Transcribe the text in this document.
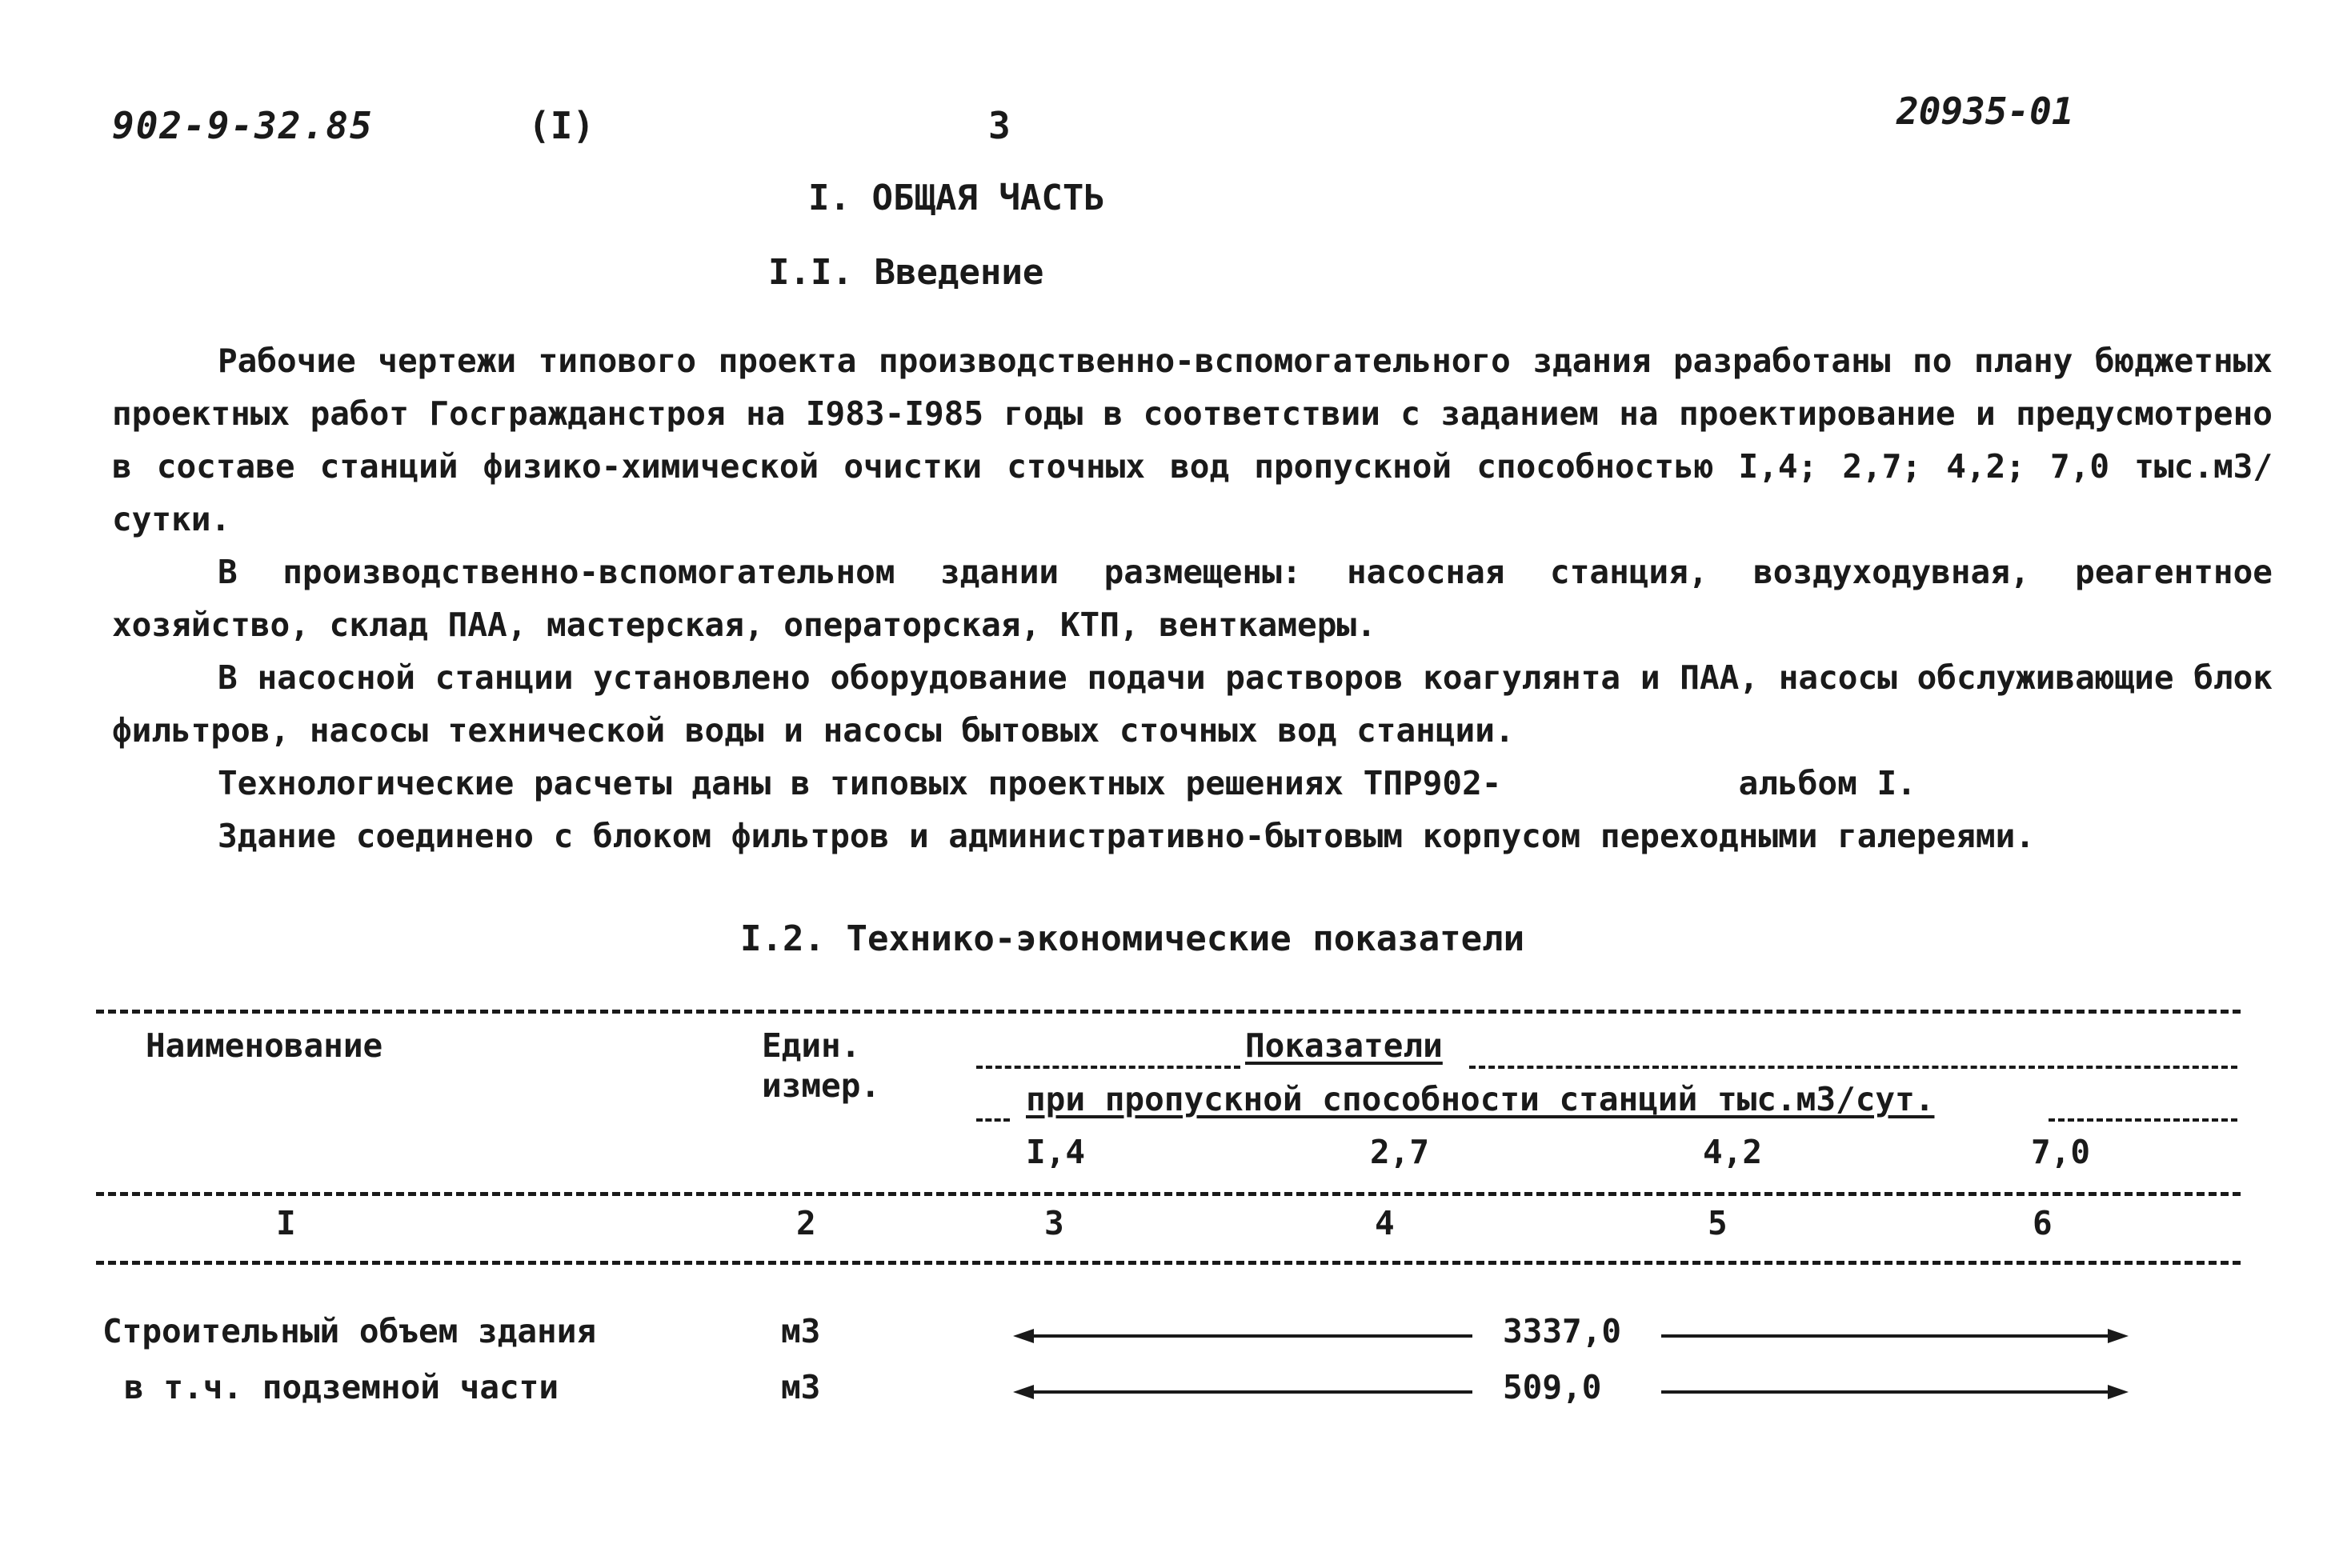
902-9-32.85	(I)	3	20935-01
I. ОБЩАЯ ЧАСТЬ
I.I. Введение

Рабочие чертежи типового проекта производственно-вспомогательного здания разработаны по плану бюджетных проектных работ Госгражданстроя на I983-I985 годы в соответствии с заданием на проектирование и предусмотрено в составе станций физико-химической очистки сточных вод пропускной способностью I,4; 2,7; 4,2; 7,0 тыс.м3/сутки.

В производственно-вспомогательном здании размещены: насосная станция, воздуходувная, реагентное хозяйство, склад ПАА, мастерская, операторская, КТП, венткамеры.

В насосной станции установлено оборудование подачи растворов коагулянта и ПАА, насосы обслуживающие блок фильтров, насосы технической воды и насосы бытовых сточных вод станции.

Технологические расчеты даны в типовых проектных решениях ТПР902-            альбом I.

Здание соединено с блоком фильтров и административно-бытовым корпусом переходными галереями.

I.2. Технико-экономические показатели
Наименование	Един.
измер.
Показатели
при пропускной способности станций тыс.м3/сут.
I,4	2,7	4,2	7,0
I	2	3	4	5	6
Строительный объем здания	м3	3337,0
в т.ч. подземной части	м3	509,0
